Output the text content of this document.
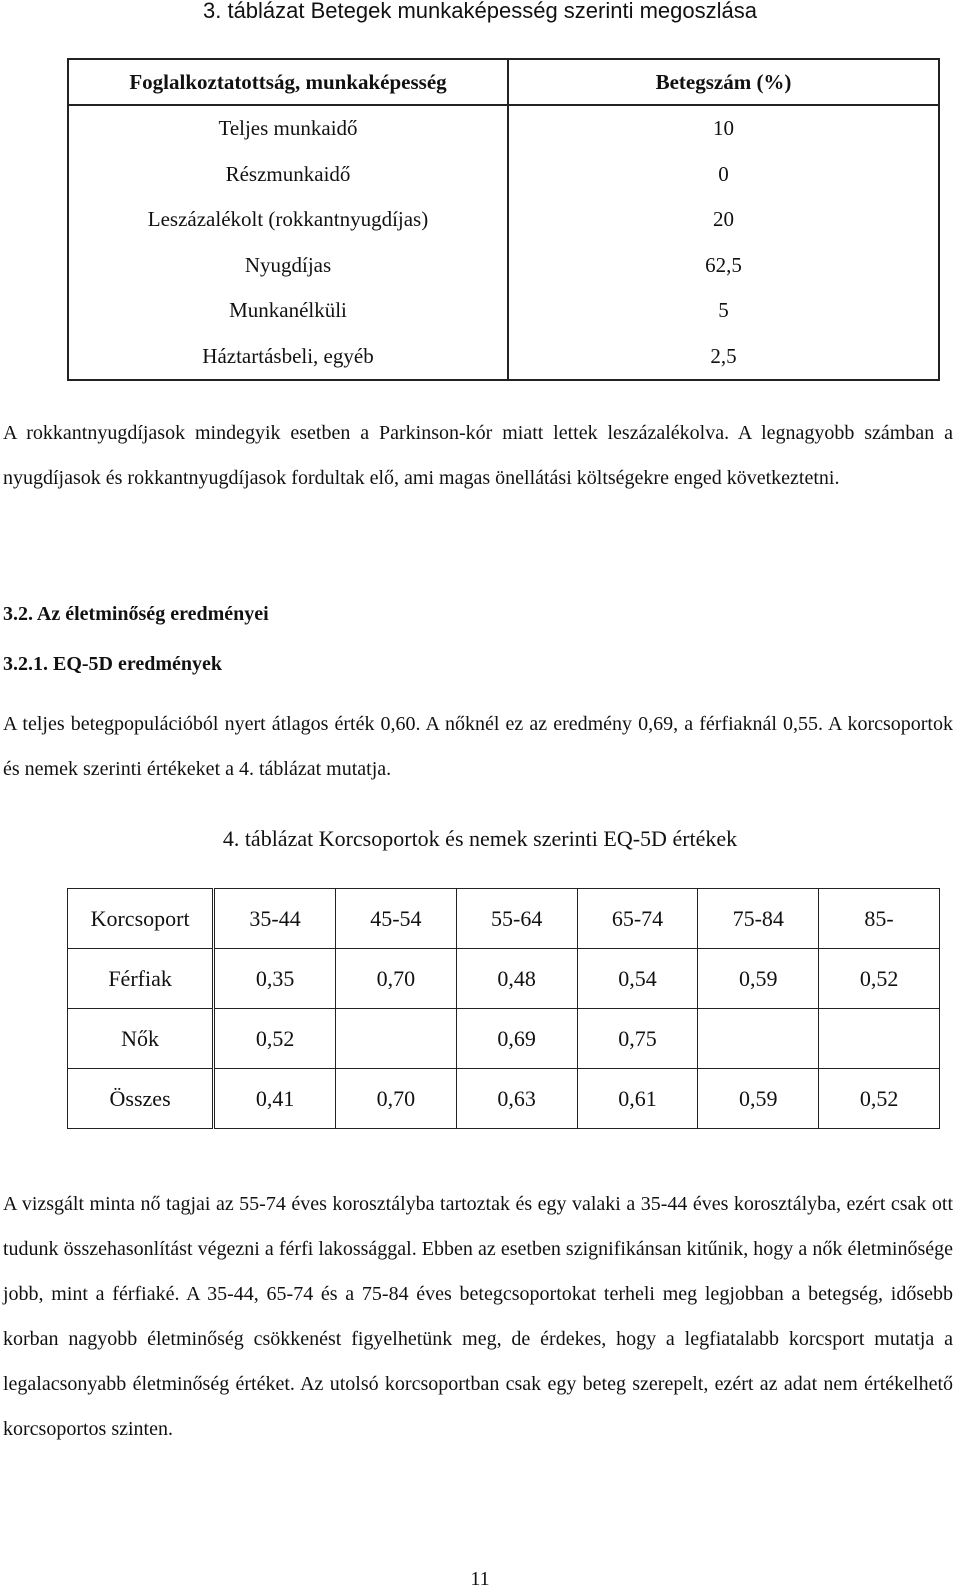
3. táblázat Betegek munkaképesség szerinti megoszlása
Foglalkoztatottság, munkaképesség	Betegszám (%)
Teljes munkaidő	10
Részmunkaidő	0
Leszázalékolt (rokkantnyugdíjas)	20
Nyugdíjas	62,5
Munkanélküli	5
Háztartásbeli, egyéb	2,5
A rokkantnyugdíjasok mindegyik esetben a Parkinson-kór miatt lettek leszázalékolva. A legnagyobb számban a nyugdíjasok és rokkantnyugdíjasok fordultak elő, ami magas önellátási költségekre enged következtetni.
3.2. Az életminőség eredményei
3.2.1. EQ-5D eredmények
A teljes betegpopulációból nyert átlagos érték 0,60. A nőknél ez az eredmény 0,69, a férfiaknál 0,55. A korcsoportok és nemek szerinti értékeket a 4. táblázat mutatja.
4. táblázat Korcsoportok és nemek szerinti EQ-5D értékek
Korcsoport	35-44	45-54	55-64	65-74	75-84	85-
Férfiak	0,35	0,70	0,48	0,54	0,59	0,52
Nők	0,52		0,69	0,75		
Összes	0,41	0,70	0,63	0,61	0,59	0,52
A vizsgált minta nő tagjai az 55-74 éves korosztályba tartoztak és egy valaki a 35-44 éves korosztályba, ezért csak ott tudunk összehasonlítást végezni a férfi lakossággal. Ebben az esetben szignifikánsan kitűnik, hogy a nők életminősége jobb, mint a férfiaké. A 35-44, 65-74 és a 75-84 éves betegcsoportokat terheli meg legjobban a betegség, idősebb korban nagyobb életminőség csökkenést figyelhetünk meg, de érdekes, hogy a legfiatalabb korcsport mutatja a legalacsonyabb életminőség értéket. Az utolsó korcsoportban csak egy beteg szerepelt, ezért az adat nem értékelhető korcsoportos szinten.
11
